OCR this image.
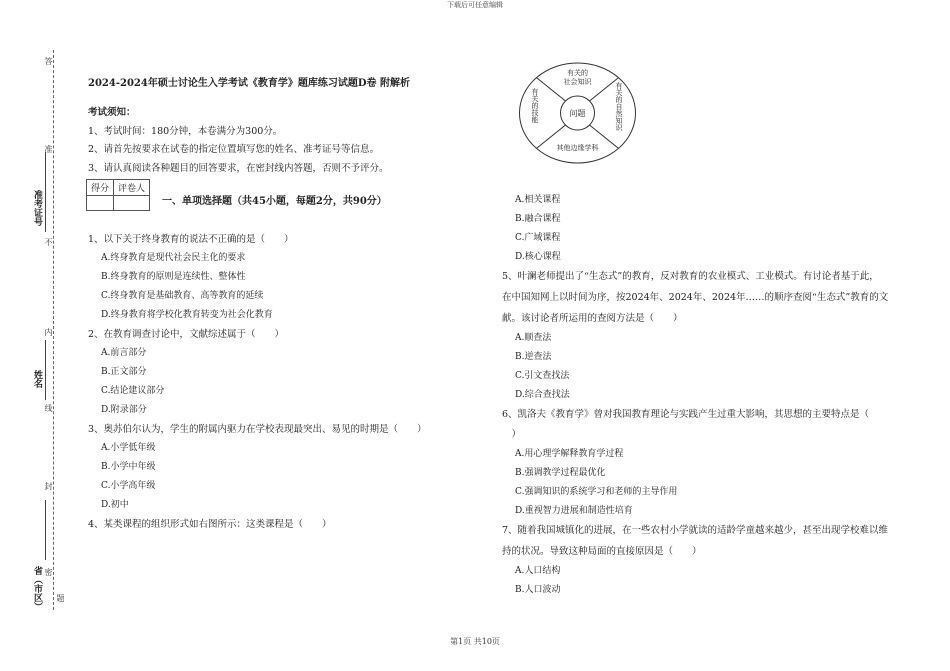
下载后可任意编辑
答
准
不
内
线
封
密
题
准考证号
姓名
省（市区）
2024-2024年硕士讨论生入学考试《教育学》题库练习试题D卷 附解析
考试须知：
1、考试时间：180分钟，本卷满分为300分。
2、请首先按要求在试卷的指定位置填写您的姓名、准考证号等信息。
3、请认真阅读各种题目的回答要求，在密封线内答题，否则不予评分。
得分	评卷人

一、单项选择题（共45小题，每题2分，共90分）
1、以下关于终身教育的说法不正确的是（　　）
A.终身教育是现代社会民主化的要求
B.终身教育的原则是连续性、整体性
C.终身教育是基础教育、高等教育的延续
D.终身教育将学校化教育转变为社会化教育
2、在教育调查讨论中，文献综述属于（　　）
A.前言部分
B.正文部分
C.结论建议部分
D.附录部分
3、奥苏伯尔认为，学生的附属内驱力在学校表现最突出、易见的时期是（　　）
A.小学低年级
B.小学中年级
C.小学高年级
D.初中
4、某类课程的组织形式如右图所示：这类课程是（　　）
问题
有关的社会知识
其他边缘学科
有关的技能	有关的自然知识
A.相关课程
B.融合课程
C.广域课程
D.核心课程
5、叶澜老师提出了“生态式”的教育，反对教育的农业模式、工业模式。有讨论者基于此，
在中国知网上以时间为序，按2024年、2024年、2024年……的顺序查阅“生态式”教育的文
献。该讨论者所运用的查阅方法是（　　）
A.顺查法
B.逆查法
C.引文查找法
D.综合查找法
6、凯洛夫《教育学》曾对我国教育理论与实践产生过重大影响，其思想的主要特点是（
　）
A.用心理学解释教育学过程
B.强调教学过程最优化
C.强调知识的系统学习和老师的主导作用
D.重视智力进展和制造性培育
7、随着我国城镇化的进展，在一些农村小学就读的适龄学童越来越少，甚至出现学校难以维
持的状况。导致这种局面的直接原因是（　　）
A.人口结构
B.人口波动
第1页 共10页
